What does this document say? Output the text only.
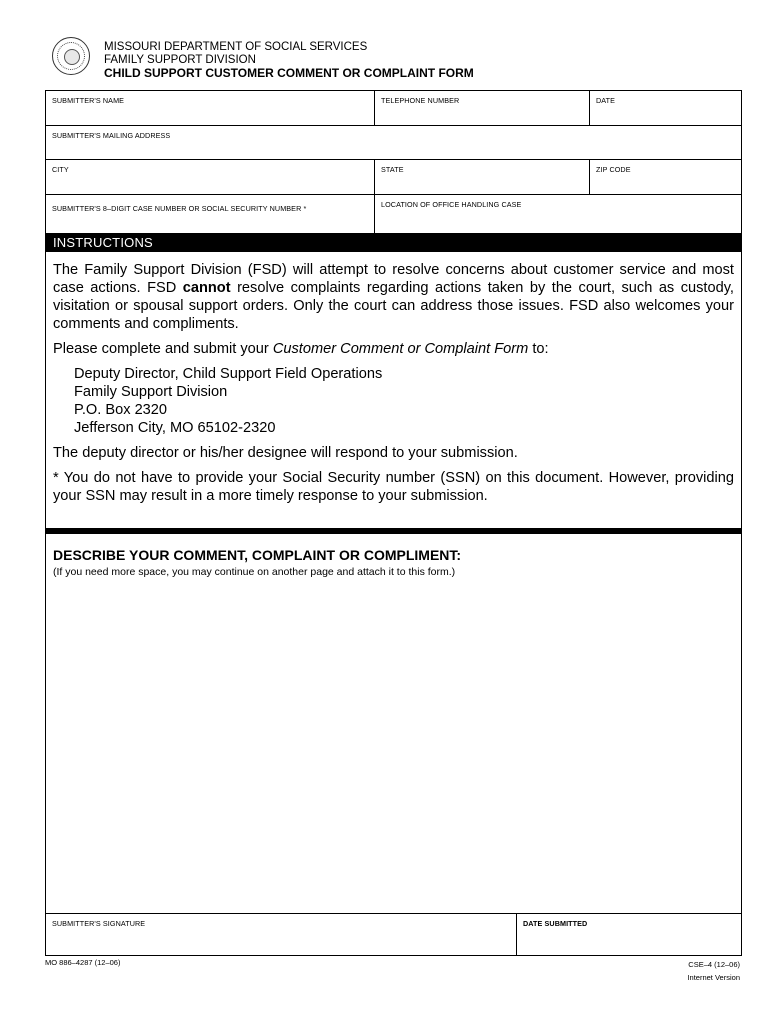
MISSOURI DEPARTMENT OF SOCIAL SERVICES
FAMILY SUPPORT DIVISION
CHILD SUPPORT CUSTOMER COMMENT OR COMPLAINT FORM
SUBMITTER'S NAME	TELEPHONE NUMBER	DATE
SUBMITTER'S MAILING ADDRESS
CITY	STATE	ZIP CODE
SUBMITTER'S 8–DIGIT CASE NUMBER OR SOCIAL SECURITY NUMBER *	LOCATION OF OFFICE HANDLING CASE
INSTRUCTIONS

The Family Support Division (FSD) will attempt to resolve concerns about customer service and most case actions. FSD cannot resolve complaints regarding actions taken by the court, such as custody, visitation or spousal support orders. Only the court can address those issues. FSD also welcomes your comments and compliments.

Please complete and submit your Customer Comment or Complaint Form to:

Deputy Director, Child Support Field Operations
Family Support Division
P.O. Box 2320
Jefferson City, MO 65102-2320

The deputy director or his/her designee will respond to your submission.

* You do not have to provide your Social Security number (SSN) on this document. However, providing your SSN may result in a more timely response to your submission.

DESCRIBE YOUR COMMENT, COMPLAINT OR COMPLIMENT:
(If you need more space, you may continue on another page and attach it to this form.)
SUBMITTER'S SIGNATURE	DATE SUBMITTED
MO 886–4287 (12–06)	CSE–4 (12–06)
Internet Version
